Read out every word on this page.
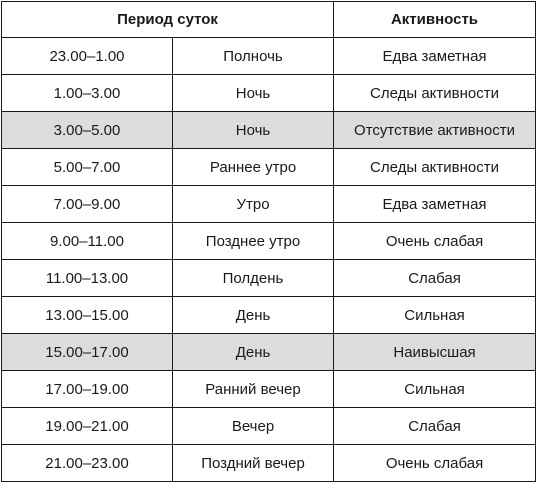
Период суток		Активность
23.00–1.00	Полночь	Едва заметная
1.00–3.00	Ночь	Следы активности
3.00–5.00	Ночь	Отсутствие активности
5.00–7.00	Раннее утро	Следы активности
7.00–9.00	Утро	Едва заметная
9.00–11.00	Позднее утро	Очень слабая
11.00–13.00	Полдень	Слабая
13.00–15.00	День	Сильная
15.00–17.00	День	Наивысшая
17.00–19.00	Ранний вечер	Сильная
19.00–21.00	Вечер	Слабая
21.00–23.00	Поздний вечер	Очень слабая
